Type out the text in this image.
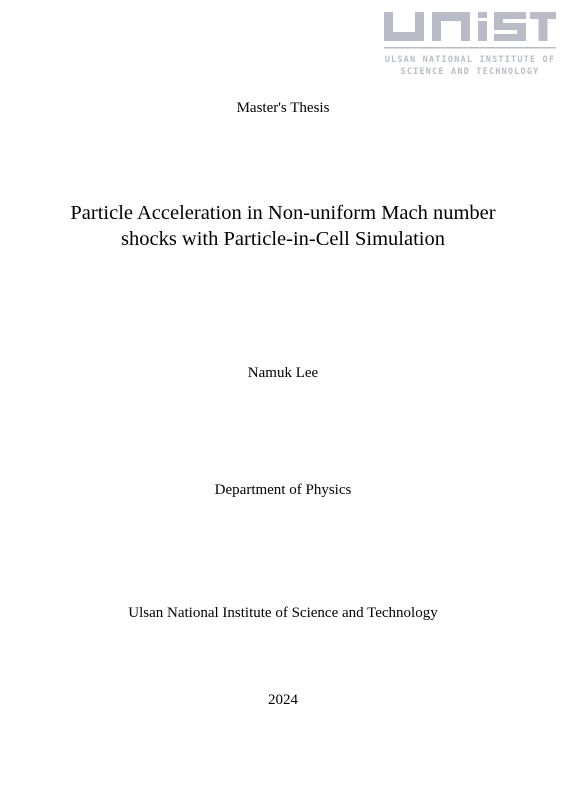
ULSAN NATIONAL INSTITUTE OF
SCIENCE AND TECHNOLOGY
Master's Thesis
Particle Acceleration in Non-uniform Mach number
shocks with Particle-in-Cell Simulation
Namuk Lee
Department of Physics
Ulsan National Institute of Science and Technology
2024
